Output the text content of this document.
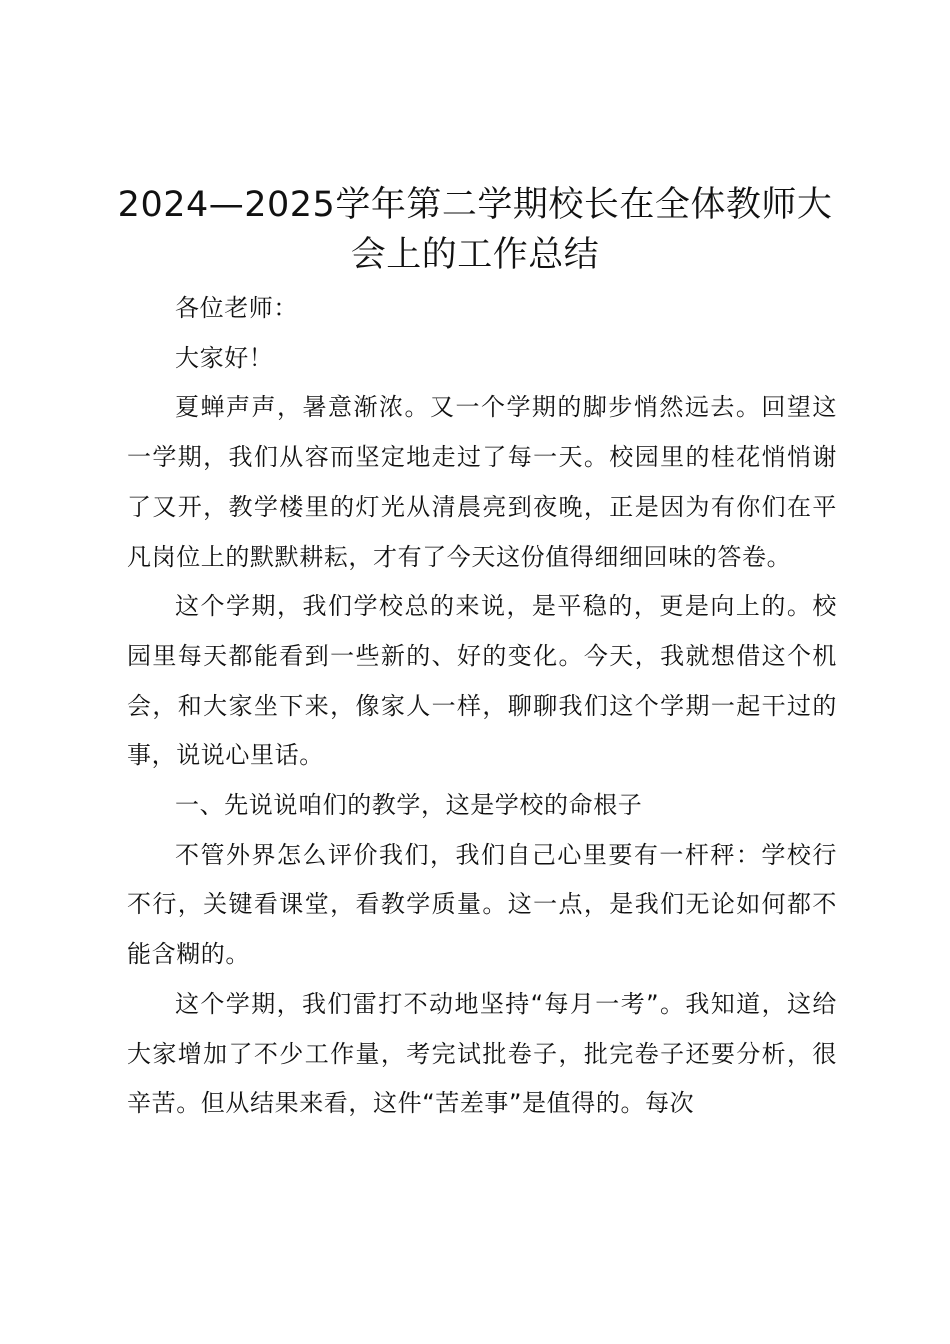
2024—2025学年第二学期校长在全体教师大会上的工作总结

各位老师：

大家好！

夏蝉声声，暑意渐浓。又一个学期的脚步悄然远去。回望这一学期，我们从容而坚定地走过了每一天。校园里的桂花悄悄谢了又开，教学楼里的灯光从清晨亮到夜晚，正是因为有你们在平凡岗位上的默默耕耘，才有了今天这份值得细细回味的答卷。

这个学期，我们学校总的来说，是平稳的，更是向上的。校园里每天都能看到一些新的、好的变化。今天，我就想借这个机会，和大家坐下来，像家人一样，聊聊我们这个学期一起干过的事，说说心里话。

一、先说说咱们的教学，这是学校的命根子

不管外界怎么评价我们，我们自己心里要有一杆秤：学校行不行，关键看课堂，看教学质量。这一点，是我们无论如何都不能含糊的。

这个学期，我们雷打不动地坚持“每月一考”。我知道，这给大家增加了不少工作量，考完试批卷子，批完卷子还要分析，很辛苦。但从结果来看，这件“苦差事”是值得的。每次
